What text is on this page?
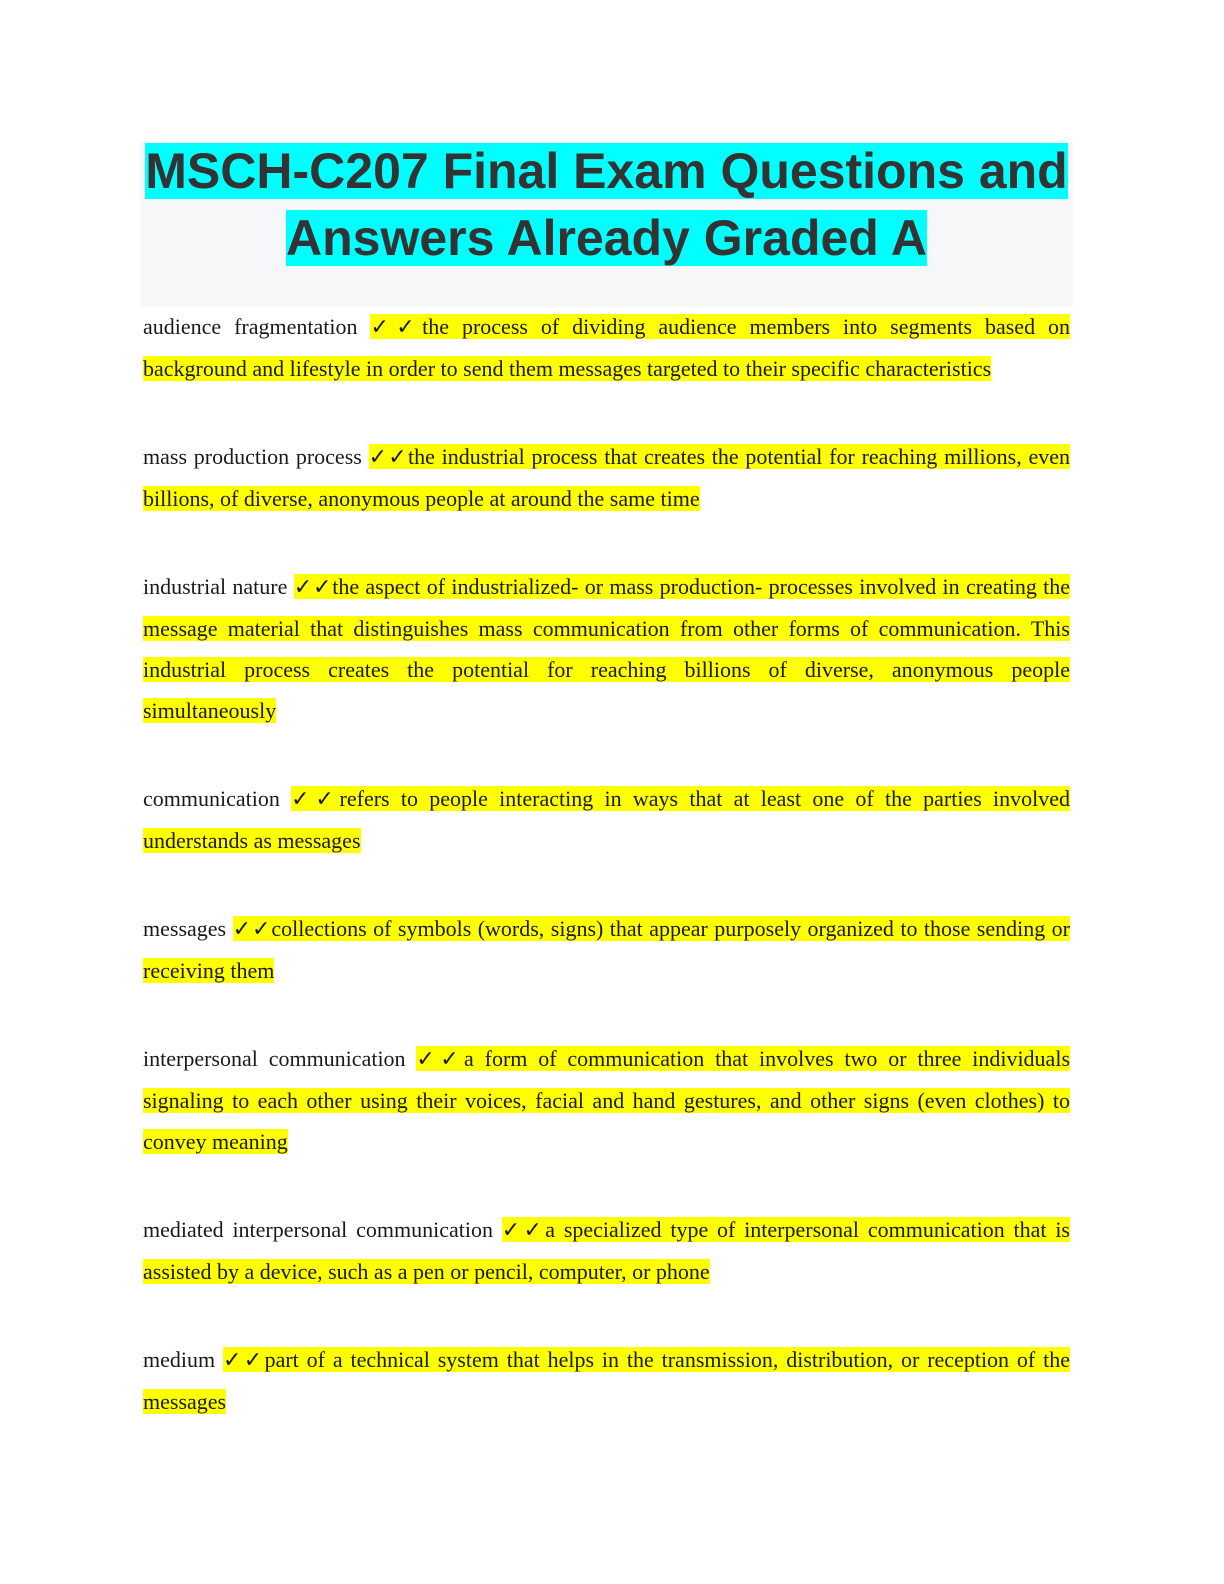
MSCH-C207 Final Exam Questions and
Answers Already Graded A

audience fragmentation ✓✓the process of dividing audience members into segments based on background and lifestyle in order to send them messages targeted to their specific characteristics

mass production process ✓✓the industrial process that creates the potential for reaching millions, even billions, of diverse, anonymous people at around the same time

industrial nature ✓✓the aspect of industrialized- or mass production- processes involved in creating the message material that distinguishes mass communication from other forms of communication. This industrial process creates the potential for reaching billions of diverse, anonymous people simultaneously

communication ✓✓refers to people interacting in ways that at least one of the parties involved understands as messages

messages ✓✓collections of symbols (words, signs) that appear purposely organized to those sending or receiving them

interpersonal communication ✓✓a form of communication that involves two or three individuals signaling to each other using their voices, facial and hand gestures, and other signs (even clothes) to convey meaning

mediated interpersonal communication ✓✓a specialized type of interpersonal communication that is assisted by a device, such as a pen or pencil, computer, or phone

medium ✓✓part of a technical system that helps in the transmission, distribution, or reception of the messages
